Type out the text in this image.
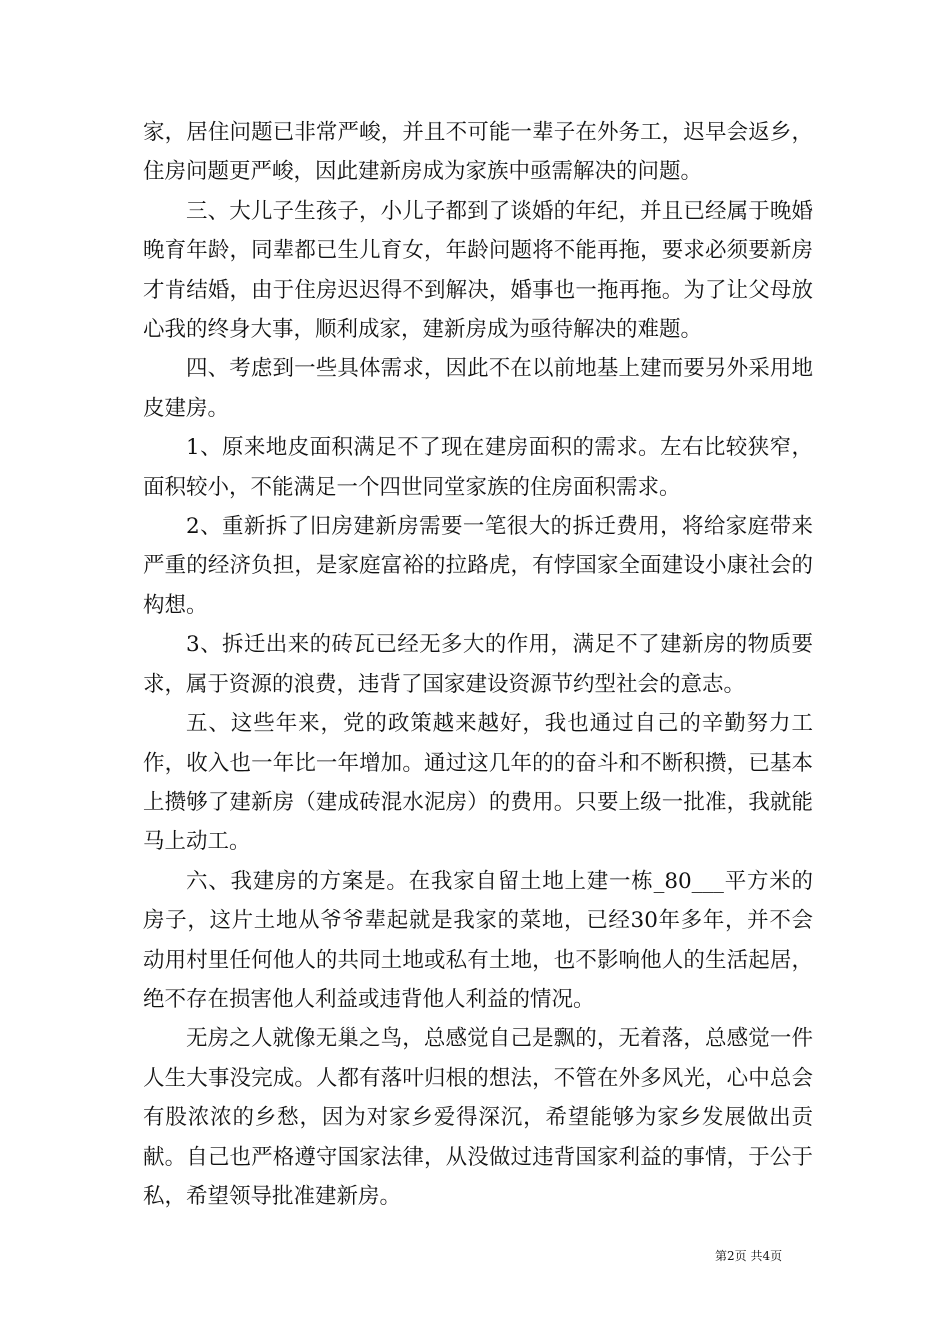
家，居住问题已非常严峻，并且不可能一辈子在外务工，迟早会返乡，住房问题更严峻，因此建新房成为家族中亟需解决的问题。

三、大儿子生孩子，小儿子都到了谈婚的年纪，并且已经属于晚婚晚育年龄，同辈都已生儿育女，年龄问题将不能再拖，要求必须要新房才肯结婚，由于住房迟迟得不到解决，婚事也一拖再拖。为了让父母放心我的终身大事，顺利成家，建新房成为亟待解决的难题。

四、考虑到一些具体需求，因此不在以前地基上建而要另外采用地皮建房。

1、原来地皮面积满足不了现在建房面积的需求。左右比较狭窄，面积较小，不能满足一个四世同堂家族的住房面积需求。

2、重新拆了旧房建新房需要一笔很大的拆迁费用，将给家庭带来严重的经济负担，是家庭富裕的拉路虎，有悖国家全面建设小康社会的构想。

3、拆迁出来的砖瓦已经无多大的作用，满足不了建新房的物质要求，属于资源的浪费，违背了国家建设资源节约型社会的意志。

五、这些年来，党的政策越来越好，我也通过自己的辛勤努力工作，收入也一年比一年增加。通过这几年的的奋斗和不断积攒，已基本上攒够了建新房（建成砖混水泥房）的费用。只要上级一批准，我就能马上动工。

六、我建房的方案是。在我家自留土地上建一栋_80___平方米的房子，这片土地从爷爷辈起就是我家的菜地，已经30年多年，并不会动用村里任何他人的共同土地或私有土地，也不影响他人的生活起居，绝不存在损害他人利益或违背他人利益的情况。

无房之人就像无巢之鸟，总感觉自己是飘的，无着落，总感觉一件人生大事没完成。人都有落叶归根的想法，不管在外多风光，心中总会有股浓浓的乡愁，因为对家乡爱得深沉，希望能够为家乡发展做出贡献。自己也严格遵守国家法律，从没做过违背国家利益的事情，于公于私，希望领导批准建新房。

第2页 共4页
